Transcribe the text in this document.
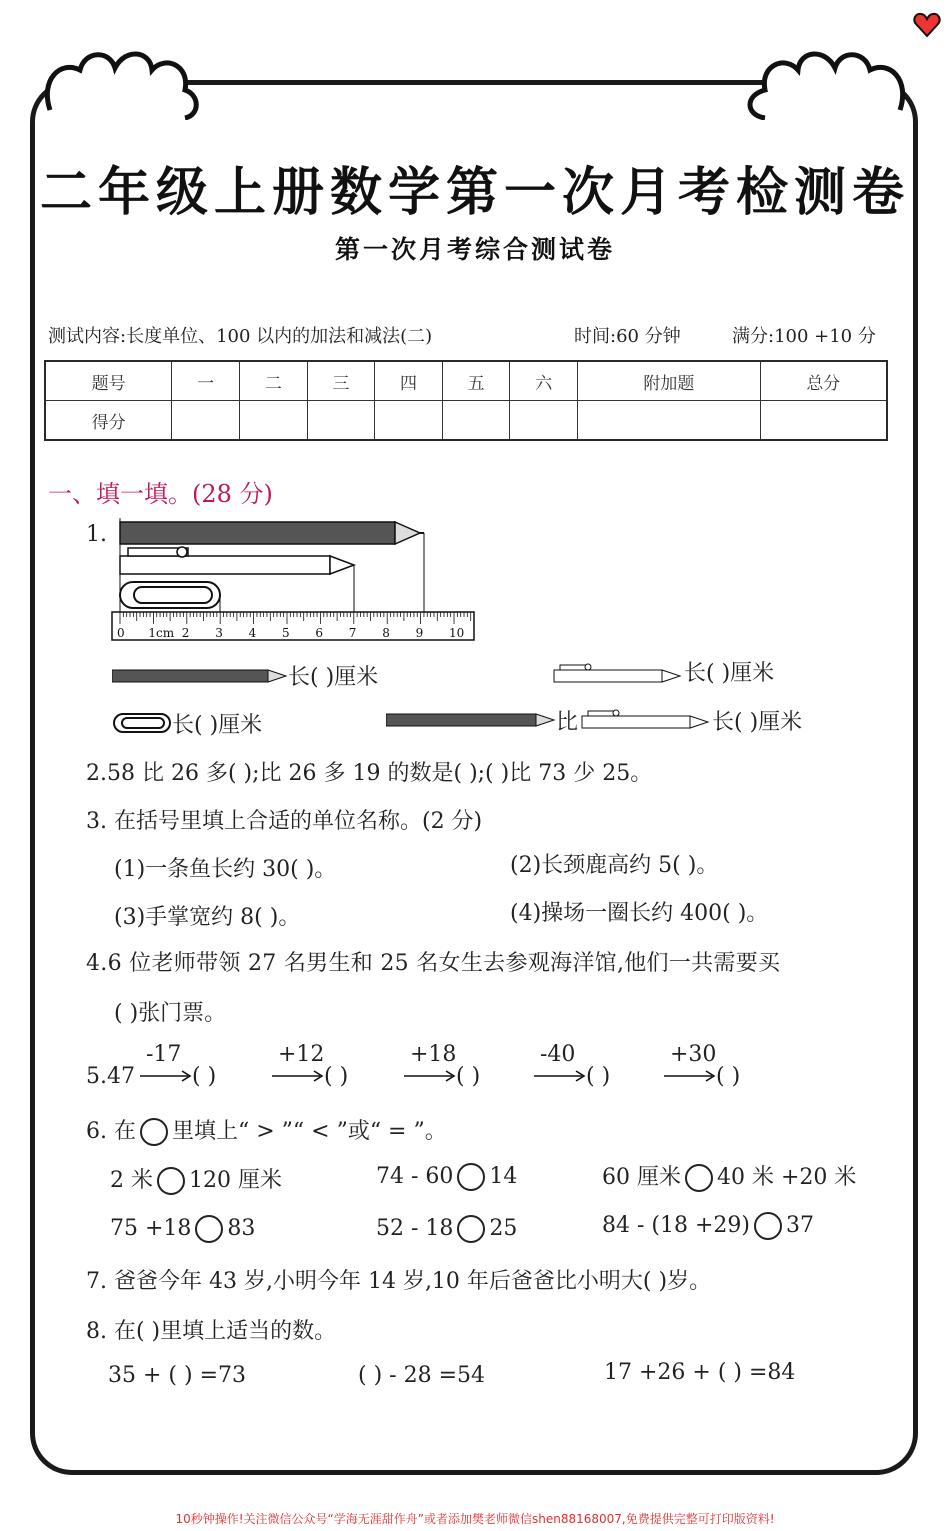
二年级上册数学第一次月考检测卷
第一次月考综合测试卷
测试内容:长度单位、100 以内的加法和减法(二)	时间:60 分钟	满分:100 +10 分
题号	一	二	三	四	五	六	附加题	总分
得分								
一、填一填。(28 分)
1.
0 1cm 2 3 4 5 6 7 8 9 10
长( )厘米	长( )厘米
长( )厘米	比	长( )厘米
2.58 比 26 多( );比 26 多 19 的数是( );( )比 73 少 25。
3. 在括号里填上合适的单位名称。(2 分)
(1)一条鱼长约 30( )。	(2)长颈鹿高约 5( )。
(3)手掌宽约 8( )。	(4)操场一圈长约 400( )。
4.6 位老师带领 27 名男生和 25 名女生去参观海洋馆,他们一共需要买
( )张门票。
5.47
-17
( )
+12
( )
+18
( )
-40
( )
+30
( )
6. 在 里填上“ > ”“ < ”或“ = ”。
2 米 120 厘米	74 - 60 14	60 厘米 40 米 +20 米
75 +18 83	52 - 18 25	84 - (18 +29) 37
7. 爸爸今年 43 岁,小明今年 14 岁,10 年后爸爸比小明大( )岁。
8. 在( )里填上适当的数。
35 + ( ) =73	( ) - 28 =54	17 +26 + ( ) =84
10秒钟操作!关注微信公众号“学海无涯甜作舟”或者添加樊老师微信shen88168007,免费提供完整可打印版资料!
